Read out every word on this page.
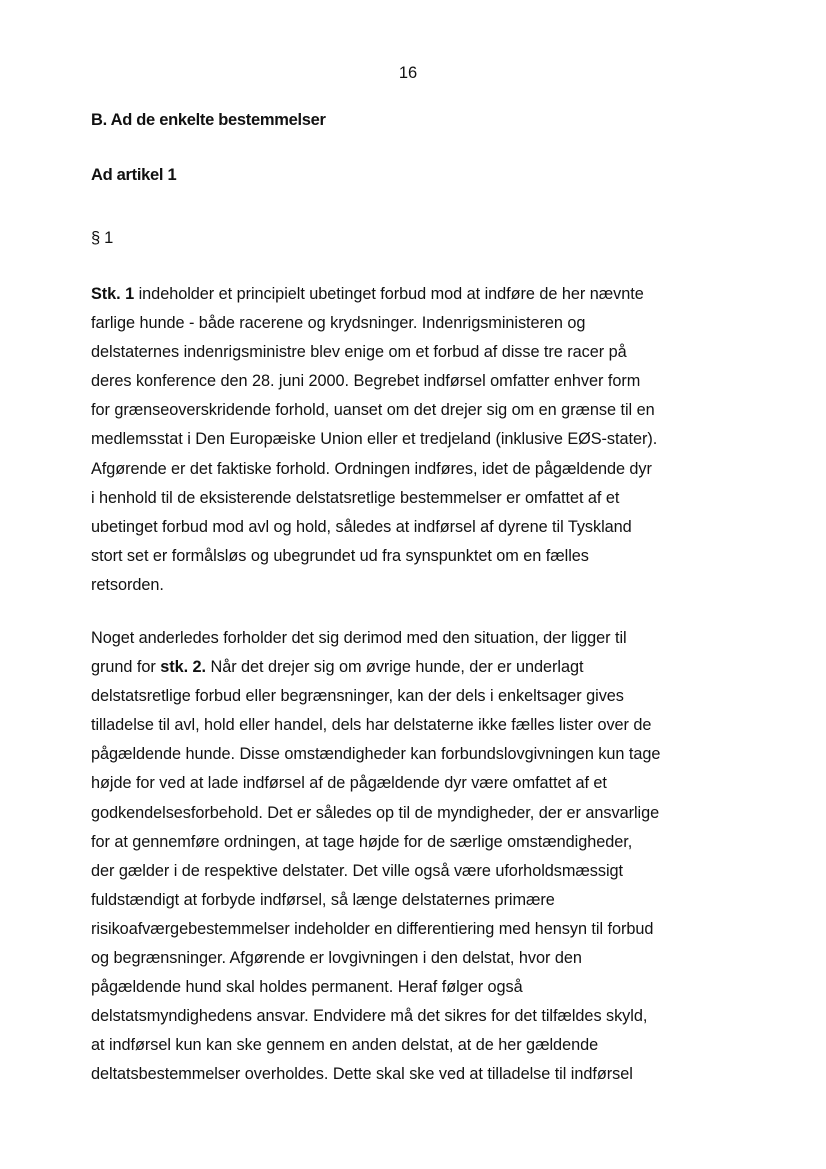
16
B. Ad de enkelte bestemmelser
Ad artikel 1
§ 1
Stk. 1 indeholder et principielt ubetinget forbud mod at indføre de her nævnte
farlige hunde - både racerene og krydsninger. Indenrigsministeren og
delstaternes indenrigsministre blev enige om et forbud af disse tre racer på
deres konference den 28. juni 2000. Begrebet indførsel omfatter enhver form
for grænseoverskridende forhold, uanset om det drejer sig om en grænse til en
medlemsstat i Den Europæiske Union eller et tredjeland (inklusive EØS-stater).
Afgørende er det faktiske forhold. Ordningen indføres, idet de pågældende dyr
i henhold til de eksisterende delstatsretlige bestemmelser er omfattet af et
ubetinget forbud mod avl og hold, således at indførsel af dyrene til Tyskland
stort set er formålsløs og ubegrundet ud fra synspunktet om en fælles
retsorden.
Noget anderledes forholder det sig derimod med den situation, der ligger til
grund for stk. 2. Når det drejer sig om øvrige hunde, der er underlagt
delstatsretlige forbud eller begrænsninger, kan der dels i enkeltsager gives
tilladelse til avl, hold eller handel, dels har delstaterne ikke fælles lister over de
pågældende hunde. Disse omstændigheder kan forbundslovgivningen kun tage
højde for ved at lade indførsel af de pågældende dyr være omfattet af et
godkendelsesforbehold. Det er således op til de myndigheder, der er ansvarlige
for at gennemføre ordningen, at tage højde for de særlige omstændigheder,
der gælder i de respektive delstater. Det ville også være uforholdsmæssigt
fuldstændigt at forbyde indførsel, så længe delstaternes primære
risikoafværgebestemmelser indeholder en differentiering med hensyn til forbud
og begrænsninger. Afgørende er lovgivningen i den delstat, hvor den
pågældende hund skal holdes permanent. Heraf følger også
delstatsmyndighedens ansvar. Endvidere må det sikres for det tilfældes skyld,
at indførsel kun kan ske gennem en anden delstat, at de her gældende
deltatsbestemmelser overholdes. Dette skal ske ved at tilladelse til indførsel
